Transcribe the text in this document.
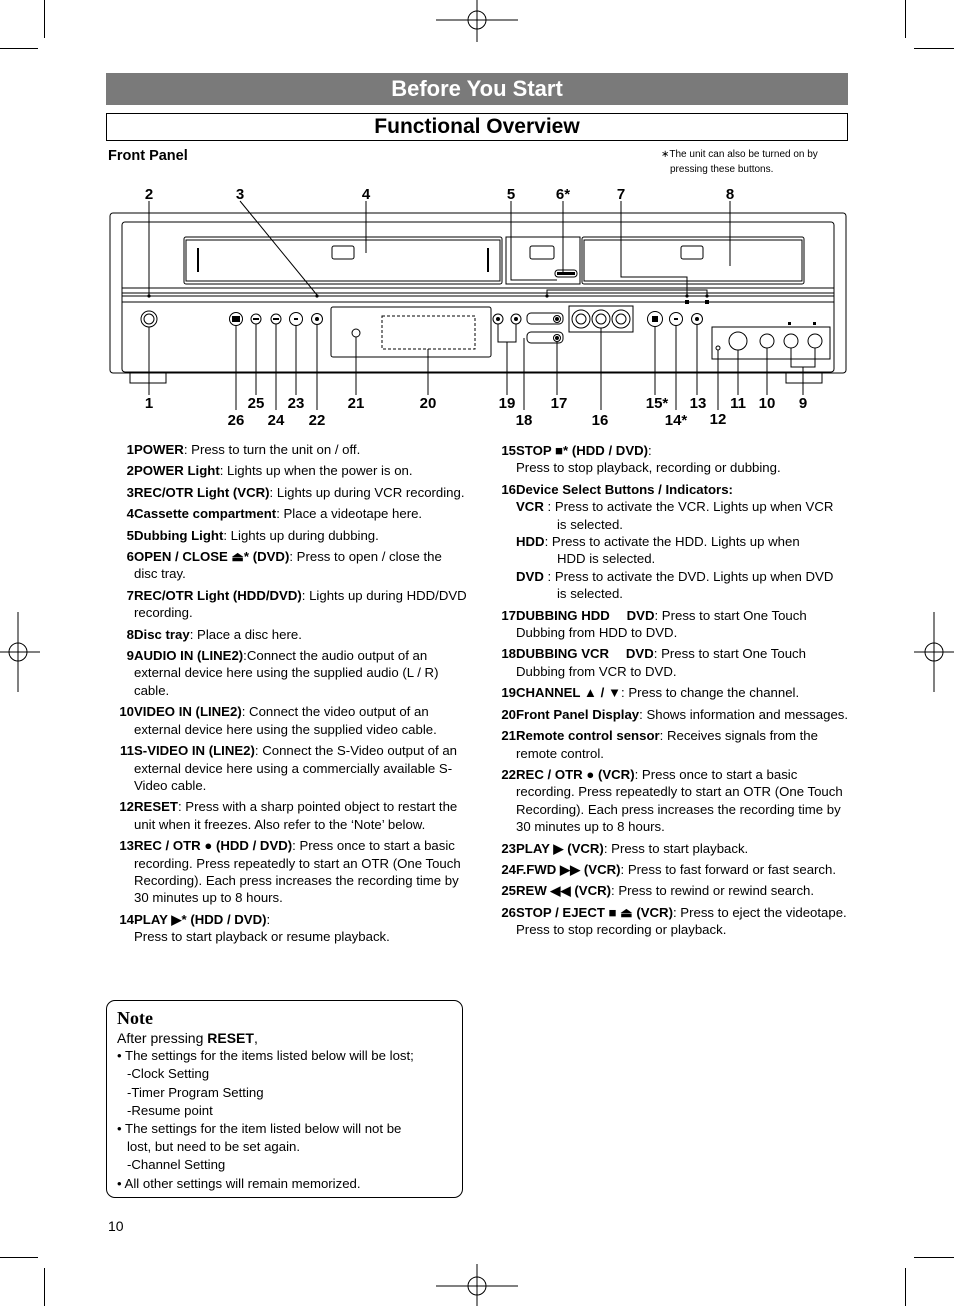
Before You Start
Functional Overview
Front Panel	∗The unit can also be turned on by
pressing these buttons.
2	3	4	5	6*	7	8
1	25 23	21	20	19 17	15* 13 11 10 9
26 24 22	18	16	14* 12
1 POWER: Press to turn the unit on / off.
2 POWER Light: Lights up when the power is on.
3 REC/OTR Light (VCR): Lights up during VCR recording.
4 Cassette compartment: Place a videotape here.
5 Dubbing Light: Lights up during dubbing.
6 OPEN / CLOSE ⏏* (DVD): Press to open / close the disc tray.
7 REC/OTR Light (HDD/DVD): Lights up during HDD/DVD recording.
8 Disc tray: Place a disc here.
9 AUDIO IN (LINE2):Connect the audio output of an external device here using the supplied audio (L / R) cable.
10 VIDEO IN (LINE2): Connect the video output of an external device here using the supplied video cable.
11 S-VIDEO IN (LINE2): Connect the S-Video output of an external device here using a commercially available S-Video cable.
12 RESET: Press with a sharp pointed object to restart the unit when it freezes. Also refer to the ‘Note’ below.
13 REC / OTR ● (HDD / DVD): Press once to start a basic recording. Press repeatedly to start an OTR (One Touch Recording). Each press increases the recording time by 30 minutes up to 8 hours.
14 PLAY ▶* (HDD / DVD):
Press to start playback or resume playback.
15 STOP ■* (HDD / DVD):
Press to stop playback, recording or dubbing.
16 Device Select Buttons / Indicators:
VCR : Press to activate the VCR. Lights up when VCR
is selected.
HDD: Press to activate the HDD. Lights up when
HDD is selected.
DVD : Press to activate the DVD. Lights up when DVD
is selected.
17 DUBBING HDD  DVD: Press to start One Touch Dubbing from HDD to DVD.
18 DUBBING VCR  DVD: Press to start One Touch Dubbing from VCR to DVD.
19 CHANNEL ▲ / ▼: Press to change the channel.
20 Front Panel Display: Shows information and messages.
21 Remote control sensor: Receives signals from the remote control.
22 REC / OTR ● (VCR): Press once to start a basic recording. Press repeatedly to start an OTR (One Touch Recording). Each press increases the recording time by 30 minutes up to 8 hours.
23 PLAY ▶ (VCR): Press to start playback.
24 F.FWD ▶▶ (VCR): Press to fast forward or fast search.
25 REW ◀◀ (VCR): Press to rewind or rewind search.
26 STOP / EJECT ■ ⏏ (VCR): Press to eject the videotape. Press to stop recording or playback.
Note
After pressing RESET,
• The settings for the items listed below will be lost;
-Clock Setting
-Timer Program Setting
-Resume point
• The settings for the item listed below will not be
lost, but need to be set again.
-Channel Setting
• All other settings will remain memorized.
10
